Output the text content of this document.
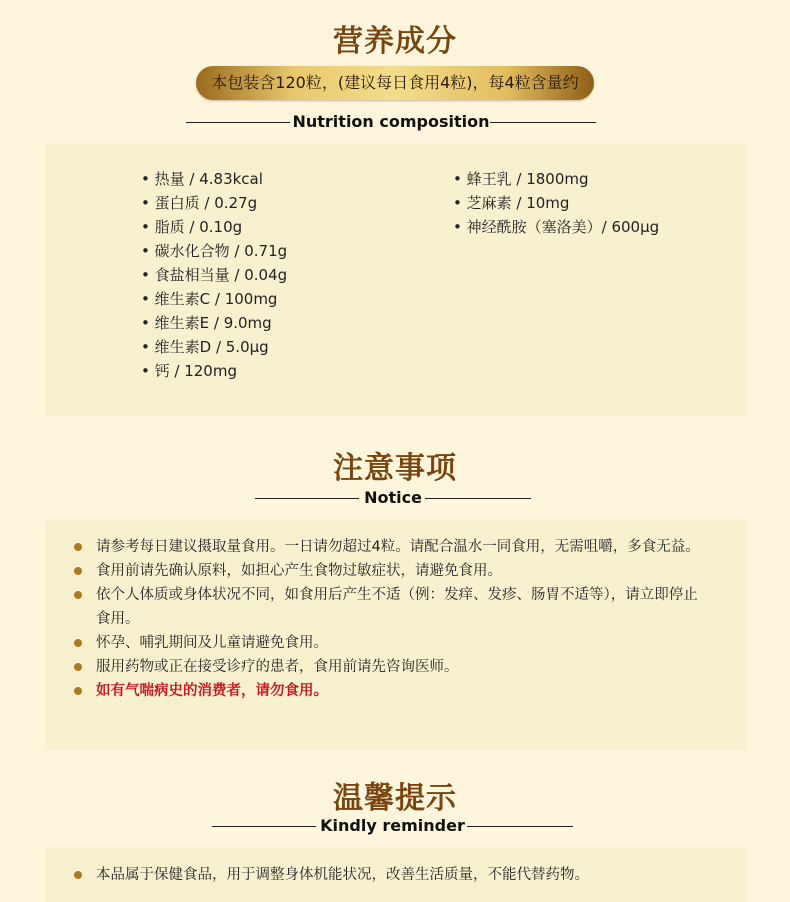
营养成分
本包装含120粒，(建议每日食用4粒)，每4粒含量约
Nutrition composition
• 热量 / 4.83kcal
• 蛋白质 / 0.27g
• 脂质 / 0.10g
• 碳水化合物 / 0.71g
• 食盐相当量 / 0.04g
• 维生素C / 100mg
• 维生素E / 9.0mg
• 维生素D / 5.0μg
• 钙 / 120mg
• 蜂王乳 / 1800mg
• 芝麻素 / 10mg
• 神经酰胺（塞洛美）/ 600μg
注意事项
Notice
请参考每日建议摄取量食用。一日请勿超过4粒。请配合温水一同食用，无需咀嚼，多食无益。
食用前请先确认原料，如担心产生食物过敏症状，请避免食用。
依个人体质或身体状况不同，如食用后产生不适（例：发痒、发疹、肠胃不适等），请立即停止食用。
怀孕、哺乳期间及儿童请避免食用。
服用药物或正在接受诊疗的患者，食用前请先咨询医师。
如有气喘病史的消费者，请勿食用。
温馨提示
Kindly reminder
本品属于保健食品，用于调整身体机能状况，改善生活质量，不能代替药物。
